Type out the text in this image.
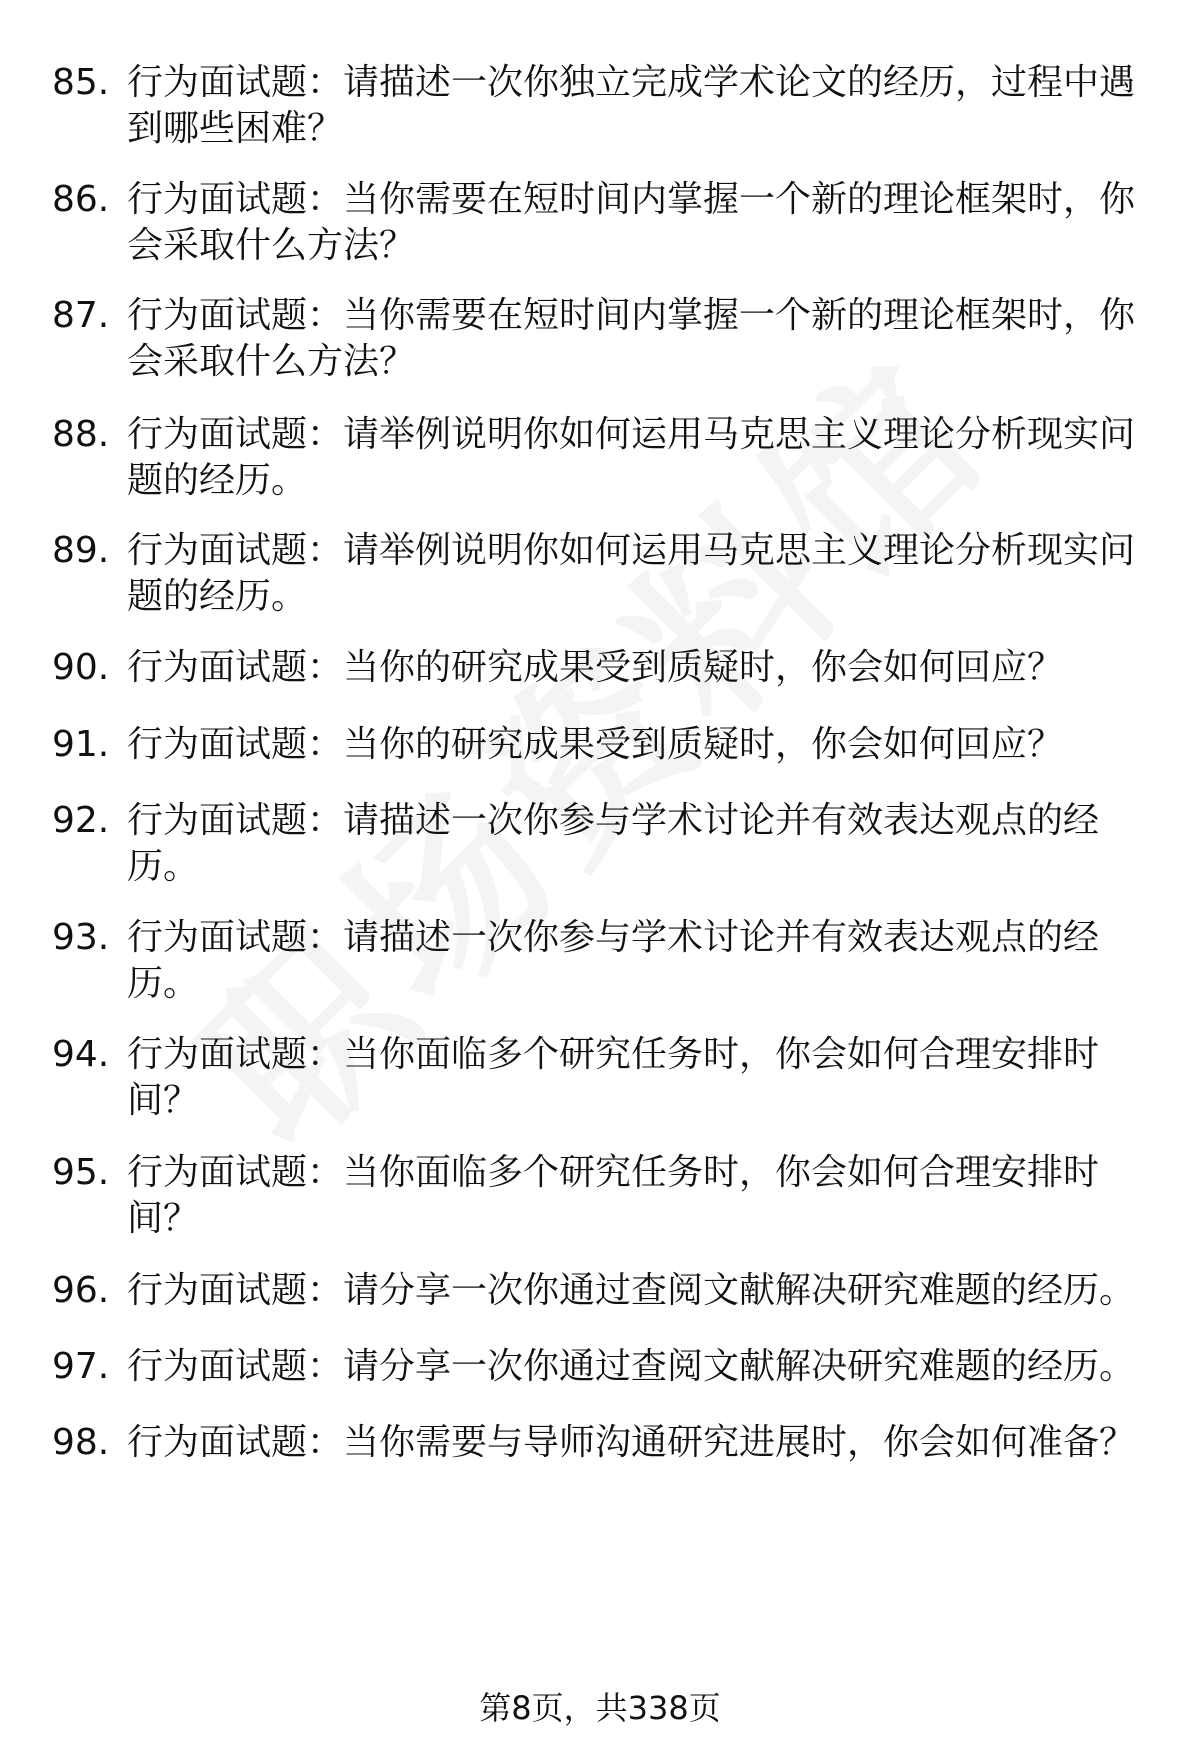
85. 行为面试题：请描述一次你独立完成学术论文的经历，过程中遇到哪些困难？
86. 行为面试题：当你需要在短时间内掌握一个新的理论框架时，你会采取什么方法？
87. 行为面试题：当你需要在短时间内掌握一个新的理论框架时，你会采取什么方法？
88. 行为面试题：请举例说明你如何运用马克思主义理论分析现实问题的经历。
89. 行为面试题：请举例说明你如何运用马克思主义理论分析现实问题的经历。
90. 行为面试题：当你的研究成果受到质疑时，你会如何回应？
91. 行为面试题：当你的研究成果受到质疑时，你会如何回应？
92. 行为面试题：请描述一次你参与学术讨论并有效表达观点的经历。
93. 行为面试题：请描述一次你参与学术讨论并有效表达观点的经历。
94. 行为面试题：当你面临多个研究任务时，你会如何合理安排时间？
95. 行为面试题：当你面临多个研究任务时，你会如何合理安排时间？
96. 行为面试题：请分享一次你通过查阅文献解决研究难题的经历。
97. 行为面试题：请分享一次你通过查阅文献解决研究难题的经历。
98. 行为面试题：当你需要与导师沟通研究进展时，你会如何准备？
第8页，共338页
